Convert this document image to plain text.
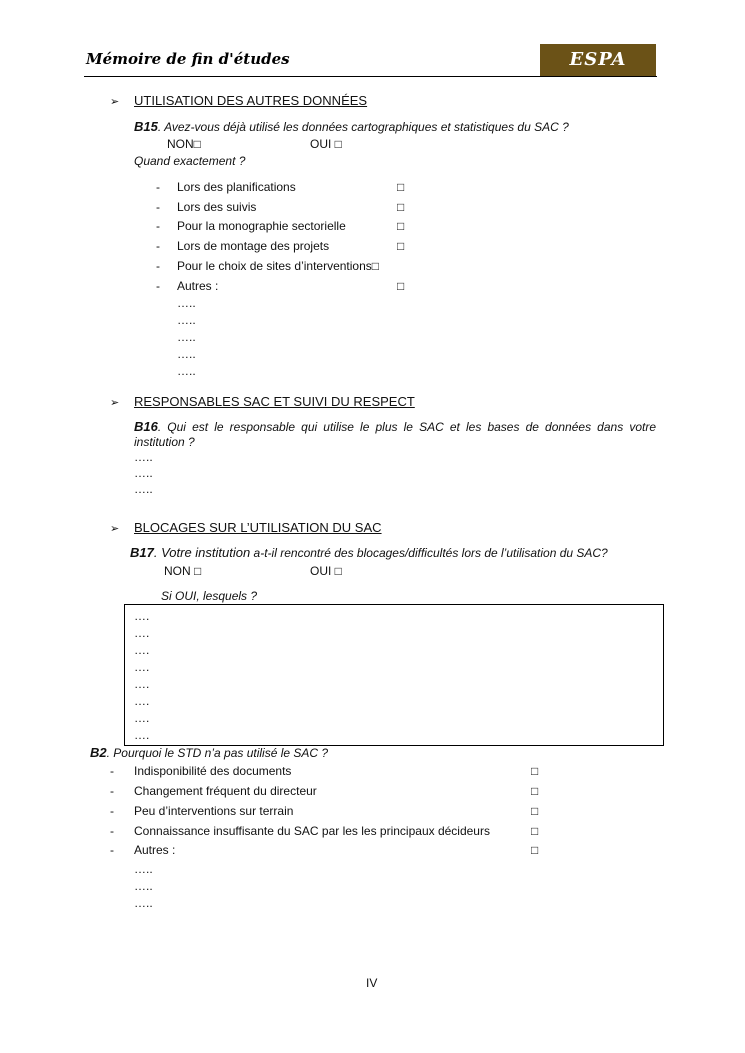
Mémoire de fin d'études	ESPA
➢ UTILISATION DES AUTRES DONNÉES
B15. Avez-vous déjà utilisé les données cartographiques et statistiques du SAC ?
NON□	OUI □
Quand exactement ?
- Lors des planifications	□
- Lors des suivis	□
- Pour la monographie sectorielle	□
- Lors de montage des projets	□
- Pour le choix de sites d’interventions□
- Autres :	□
…..
…..
…..
…..
…..
➢ RESPONSABLES SAC ET SUIVI DU RESPECT
B16. Qui est le responsable qui utilise le plus le SAC et les bases de données dans votre
institution ?
…..
…..
…..
➢ BLOCAGES SUR L’UTILISATION DU SAC
B17. Votre institution a-t-il rencontré des blocages/difficultés lors de l’utilisation du SAC?
NON □	OUI □
Si OUI, lesquels ?
….
….
….
….
….
….
….
….
B2. Pourquoi le STD n’a pas utilisé le SAC ?
- Indisponibilité des documents	□
- Changement fréquent du directeur	□
- Peu d’interventions sur terrain	□
- Connaissance insuffisante du SAC par les les principaux décideurs	□
- Autres :	□
…..
…..
…..
IV
